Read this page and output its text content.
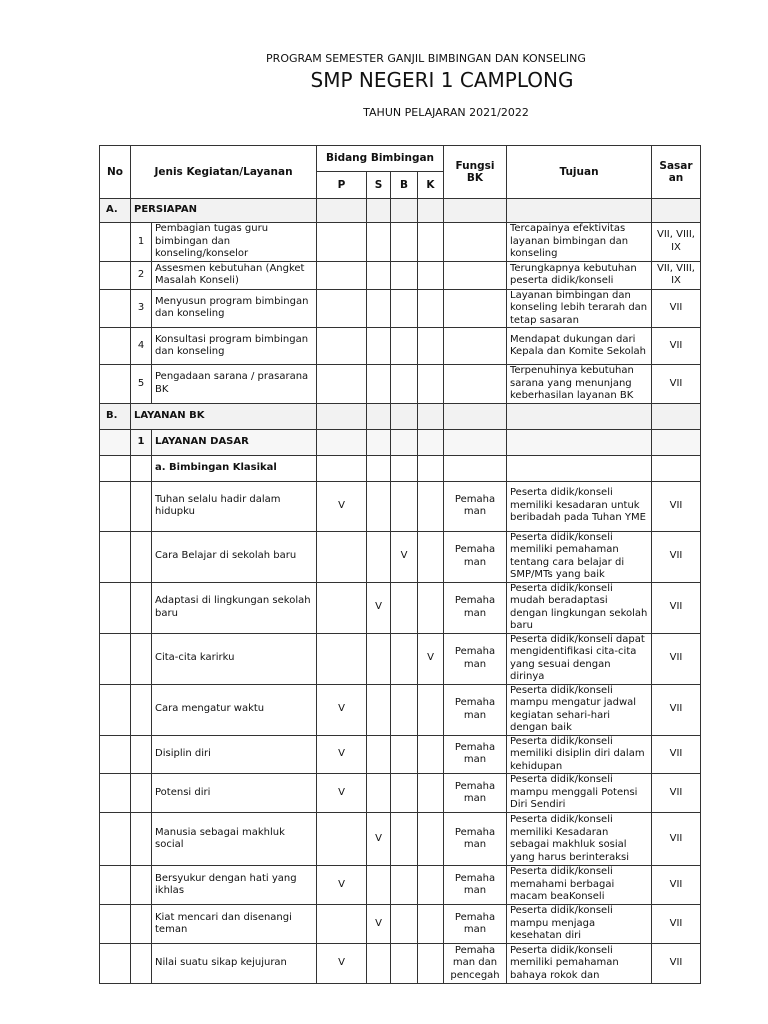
PROGRAM SEMESTER GANJIL BIMBINGAN DAN KONSELING
SMP NEGERI 1 CAMPLONG
TAHUN PELAJARAN 2021/2022
No	Jenis Kegiatan/Layanan		Bidang Bimbingan				Fungsi BK	Tujuan	Sasar an
			P	S	B	K			
A.	PERSIAPAN								
	1	Pembagian tugas guru bimbingan dan konseling/konselor						Tercapainya efektivitas layanan bimbingan dan konseling	VII, VIII, IX
	2	Assesmen kebutuhan (Angket Masalah Konseli)						Terungkapnya kebutuhan peserta didik/konseli	VII, VIII, IX
	3	Menyusun program bimbingan dan konseling						Layanan bimbingan dan konseling lebih terarah dan tetap sasaran	VII
	4	Konsultasi program bimbingan dan konseling						Mendapat dukungan dari Kepala dan Komite Sekolah	VII
	5	Pengadaan sarana / prasarana BK						Terpenuhinya kebutuhan sarana yang menunjang keberhasilan layanan BK	VII
B.	LAYANAN BK								
	1	LAYANAN DASAR							
		a. Bimbingan Klasikal							
		Tuhan selalu hadir dalam hidupku	V				Pemaha man	Peserta didik/konseli memiliki kesadaran untuk beribadah pada Tuhan YME	VII
		Cara Belajar di sekolah baru			V		Pemaha man	Peserta didik/konseli memiliki pemahaman tentang cara belajar di SMP/MTs yang baik	VII
		Adaptasi di lingkungan sekolah baru		V			Pemaha man	Peserta didik/konseli mudah beradaptasi dengan lingkungan sekolah baru	VII
		Cita-cita karirku				V	Pemaha man	Peserta didik/konseli dapat mengidentifikasi cita-cita yang sesuai dengan dirinya	VII
		Cara mengatur waktu	V				Pemaha man	Peserta didik/konseli mampu mengatur jadwal kegiatan sehari-hari dengan baik	VII
		Disiplin diri	V				Pemaha man	Peserta didik/konseli memiliki disiplin diri dalam kehidupan	VII
		Potensi diri	V				Pemaha man	Peserta didik/konseli mampu menggali Potensi Diri Sendiri	VII
		Manusia sebagai makhluk social		V			Pemaha man	Peserta didik/konseli memiliki Kesadaran sebagai makhluk sosial yang harus berinteraksi	VII
		Bersyukur dengan hati yang ikhlas	V				Pemaha man	Peserta didik/konseli memahami berbagai macam beaKonseli	VII
		Kiat mencari dan disenangi teman		V			Pemaha man	Peserta didik/konseli mampu menjaga kesehatan diri	VII
		Nilai suatu sikap kejujuran	V				Pemaha man dan pencegah	Peserta didik/konseli memiliki pemahaman bahaya rokok dan	VII
